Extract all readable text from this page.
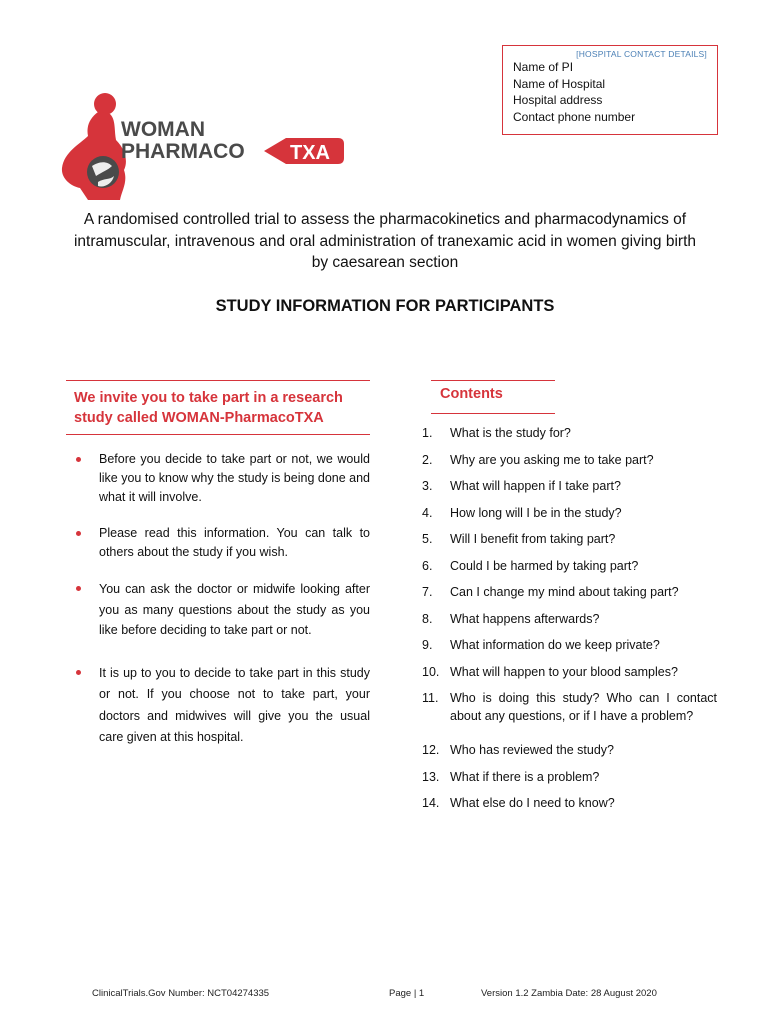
[HOSPITAL CONTACT DETAILS]
Name of PI
Name of Hospital
Hospital address
Contact phone number
WOMAN
PHARMACO TXA
A randomised controlled trial to assess the pharmacokinetics and pharmacodynamics of intramuscular, intravenous and oral administration of tranexamic acid in women giving birth by caesarean section
STUDY INFORMATION FOR PARTICIPANTS
We invite you to take part in a research study called WOMAN-PharmacoTXA
Before you decide to take part or not, we would like you to know why the study is being done and what it will involve.
Please read this information. You can talk to others about the study if you wish.
You can ask the doctor or midwife looking after you as many questions about the study as you like before deciding to take part or not.
It is up to you to decide to take part in this study or not. If you choose not to take part, your doctors and midwives will give you the usual care given at this hospital.
Contents
1. What is the study for?
2. Why are you asking me to take part?
3. What will happen if I take part?
4. How long will I be in the study?
5. Will I benefit from taking part?
6. Could I be harmed by taking part?
7. Can I change my mind about taking part?
8. What happens afterwards?
9. What information do we keep private?
10. What will happen to your blood samples?
11. Who is doing this study? Who can I contact about any questions, or if I have a problem?
12. Who has reviewed the study?
13. What if there is a problem?
14. What else do I need to know?
ClinicalTrials.Gov Number: NCT04274335	Page | 1	Version 1.2 Zambia Date: 28 August 2020
